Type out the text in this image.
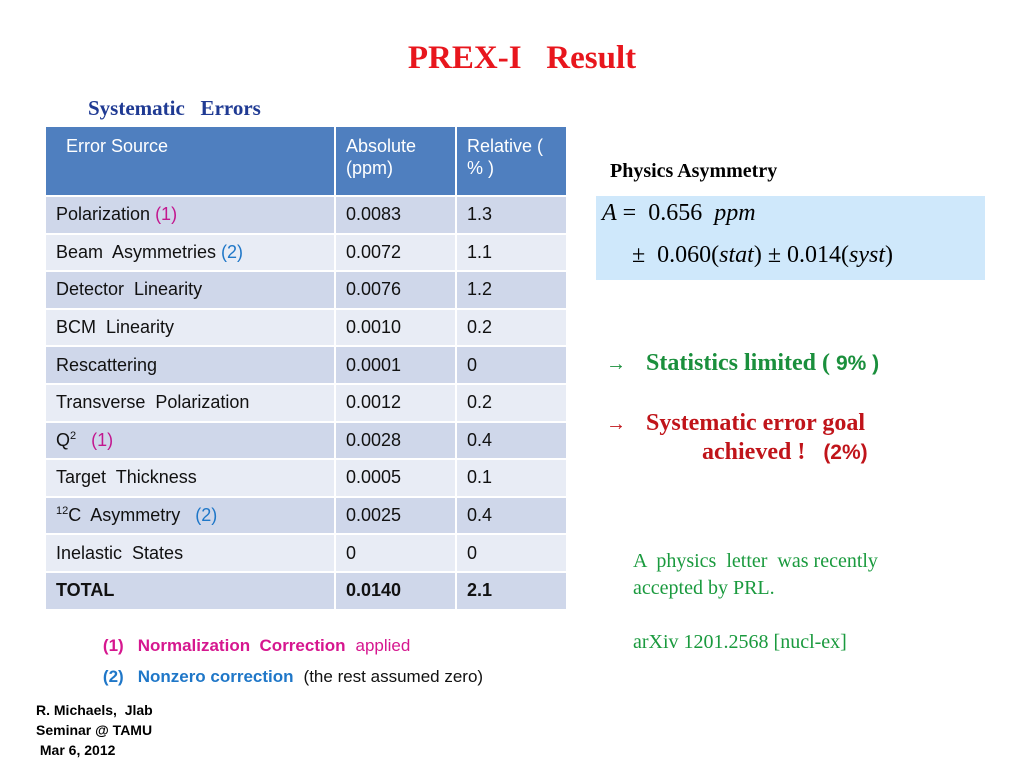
PREX-I   Result
Systematic   Errors
Error Source	Absolute (ppm)	Relative ( % )
Polarization (1)	0.0083	1.3
Beam  Asymmetries (2)	0.0072	1.1
Detector  Linearity	0.0076	1.2
BCM  Linearity	0.0010	0.2
Rescattering	0.0001	0
Transverse  Polarization	0.0012	0.2
$Q^2$ (1)	0.0028	0.4
Target  Thickness	0.0005	0.1
$^{12}$C  Asymmetry   (2)	0.0025	0.4
Inelastic  States	0	0
TOTAL	0.0140	2.1

(1) Normalization  Correction applied

(2) Nonzero correction (the rest assumed zero)

R. Michaels,  Jlab
Seminar @ TAMU
Mar 6, 2012
Physics Asymmetry
A =  0.656  ppm
±  0.060(stat) ± 0.014(syst)
→ Statistics limited ( 9% )
→ Systematic error goal
achieved !   (2%)
A  physics  letter  was recently
accepted by PRL.
arXiv 1201.2568 [nucl-ex]
